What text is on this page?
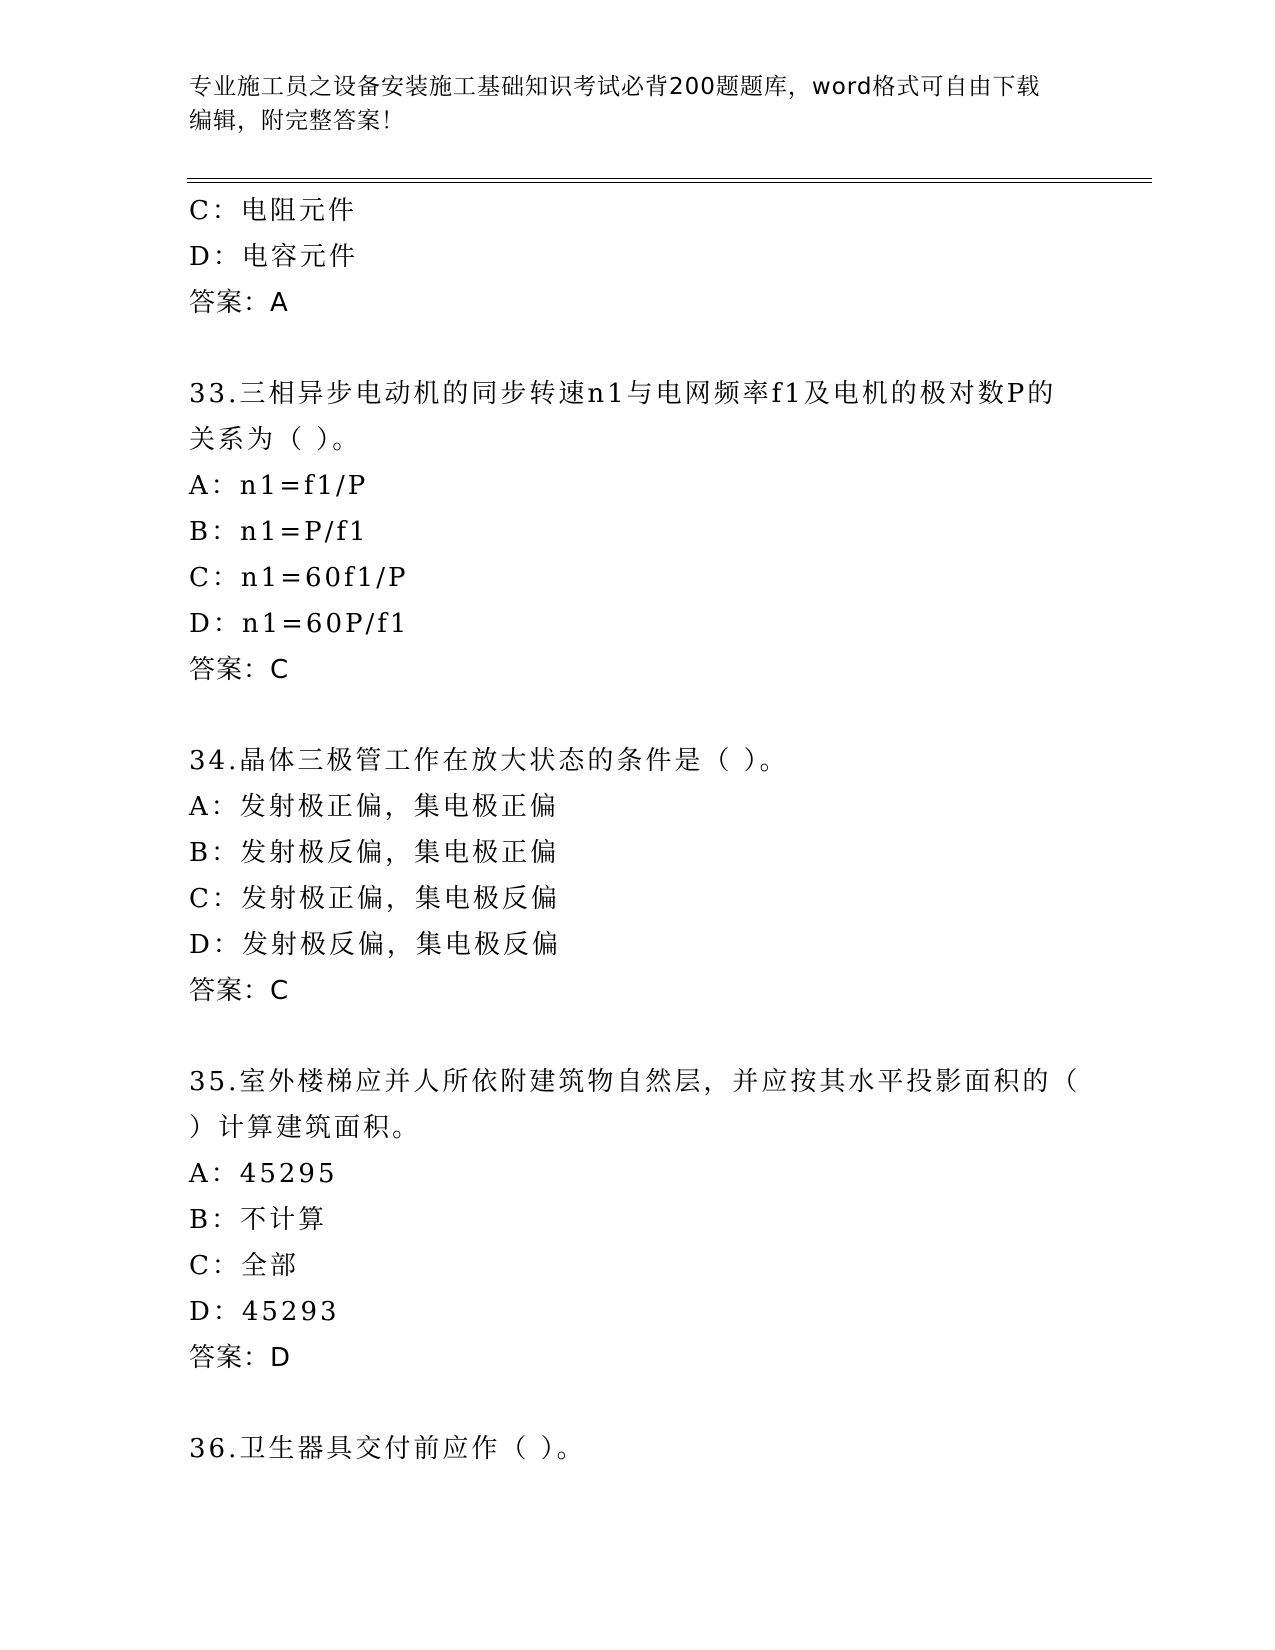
专业施工员之设备安装施工基础知识考试必背200题题库，word格式可自由下载
编辑，附完整答案！
C：电阻元件
D：电容元件
答案：A
33.三相异步电动机的同步转速n1与电网频率f1及电机的极对数P的
关系为（ ）。
A：n1=f1/P
B：n1=P/f1
C：n1=60f1/P
D：n1=60P/f1
答案：C
34.晶体三极管工作在放大状态的条件是（ ）。
A：发射极正偏，集电极正偏
B：发射极反偏，集电极正偏
C：发射极正偏，集电极反偏
D：发射极反偏，集电极反偏
答案：C
35.室外楼梯应并人所依附建筑物自然层，并应按其水平投影面积的（
）计算建筑面积。
A：45295
B：不计算
C：全部
D：45293
答案：D
36.卫生器具交付前应作（ ）。
